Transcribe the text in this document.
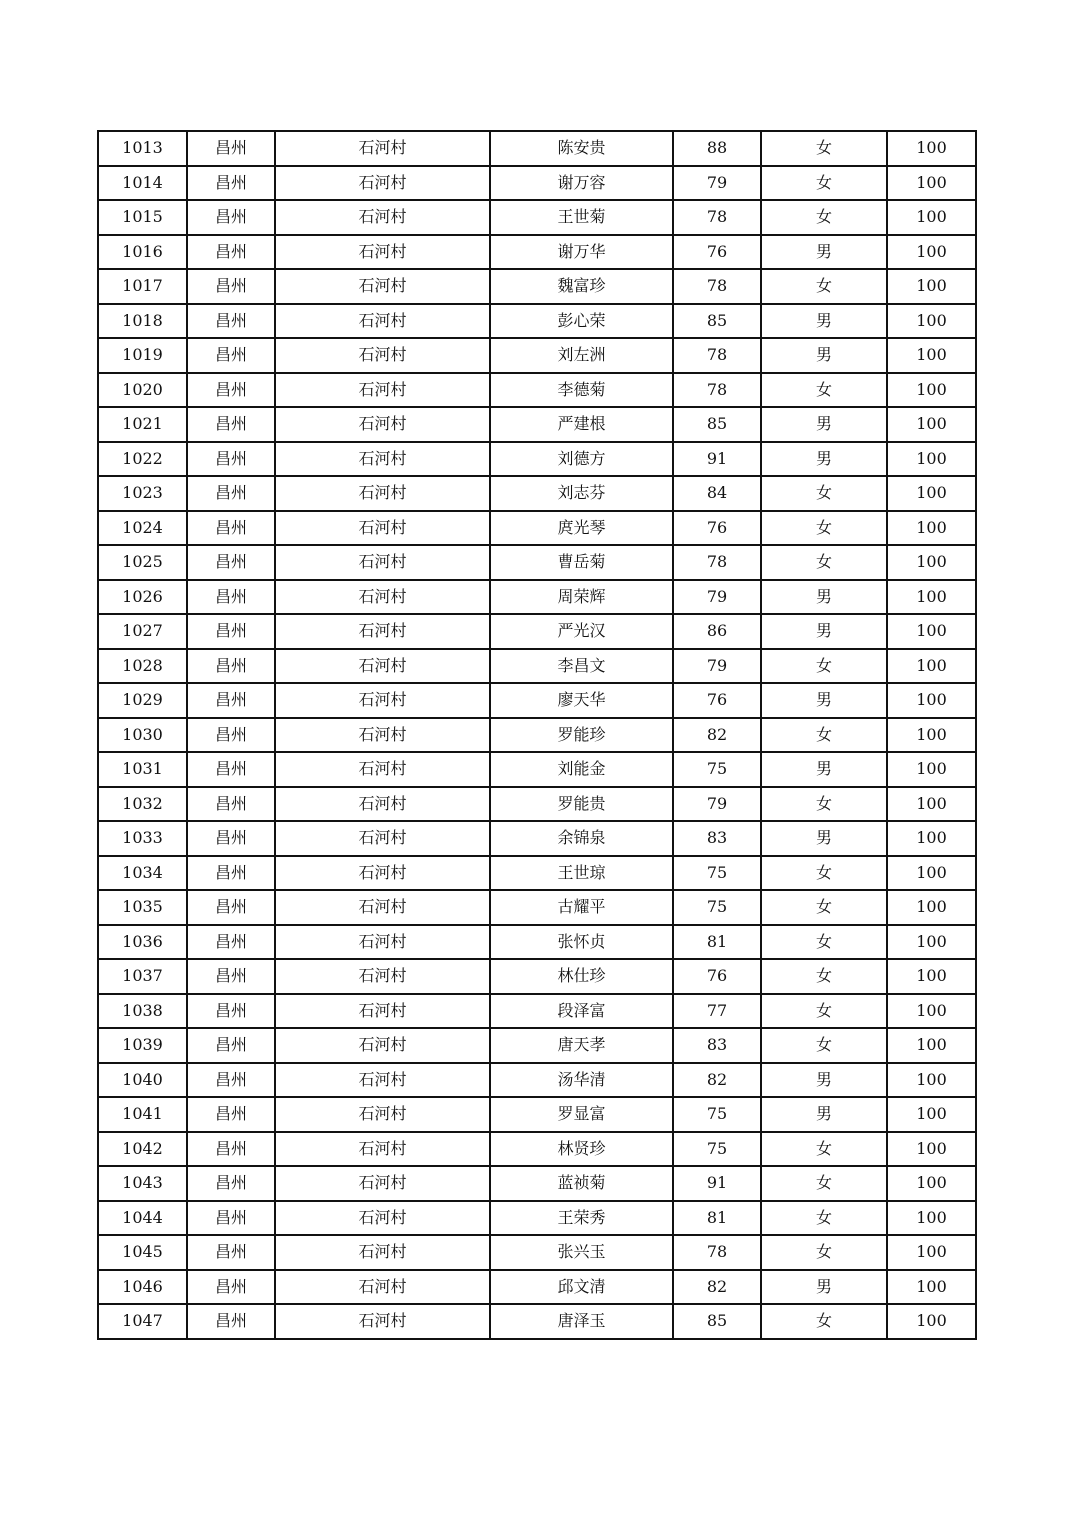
1013	昌州	石河村	陈安贵	88	女	100
1014	昌州	石河村	谢万容	79	女	100
1015	昌州	石河村	王世菊	78	女	100
1016	昌州	石河村	谢万华	76	男	100
1017	昌州	石河村	魏富珍	78	女	100
1018	昌州	石河村	彭心荣	85	男	100
1019	昌州	石河村	刘左洲	78	男	100
1020	昌州	石河村	李德菊	78	女	100
1021	昌州	石河村	严建根	85	男	100
1022	昌州	石河村	刘德方	91	男	100
1023	昌州	石河村	刘志芬	84	女	100
1024	昌州	石河村	庹光琴	76	女	100
1025	昌州	石河村	曹岳菊	78	女	100
1026	昌州	石河村	周荣辉	79	男	100
1027	昌州	石河村	严光汉	86	男	100
1028	昌州	石河村	李昌文	79	女	100
1029	昌州	石河村	廖天华	76	男	100
1030	昌州	石河村	罗能珍	82	女	100
1031	昌州	石河村	刘能金	75	男	100
1032	昌州	石河村	罗能贵	79	女	100
1033	昌州	石河村	余锦泉	83	男	100
1034	昌州	石河村	王世琼	75	女	100
1035	昌州	石河村	古耀平	75	女	100
1036	昌州	石河村	张怀贞	81	女	100
1037	昌州	石河村	林仕珍	76	女	100
1038	昌州	石河村	段泽富	77	女	100
1039	昌州	石河村	唐天孝	83	女	100
1040	昌州	石河村	汤华清	82	男	100
1041	昌州	石河村	罗显富	75	男	100
1042	昌州	石河村	林贤珍	75	女	100
1043	昌州	石河村	蓝祯菊	91	女	100
1044	昌州	石河村	王荣秀	81	女	100
1045	昌州	石河村	张兴玉	78	女	100
1046	昌州	石河村	邱文清	82	男	100
1047	昌州	石河村	唐泽玉	85	女	100
